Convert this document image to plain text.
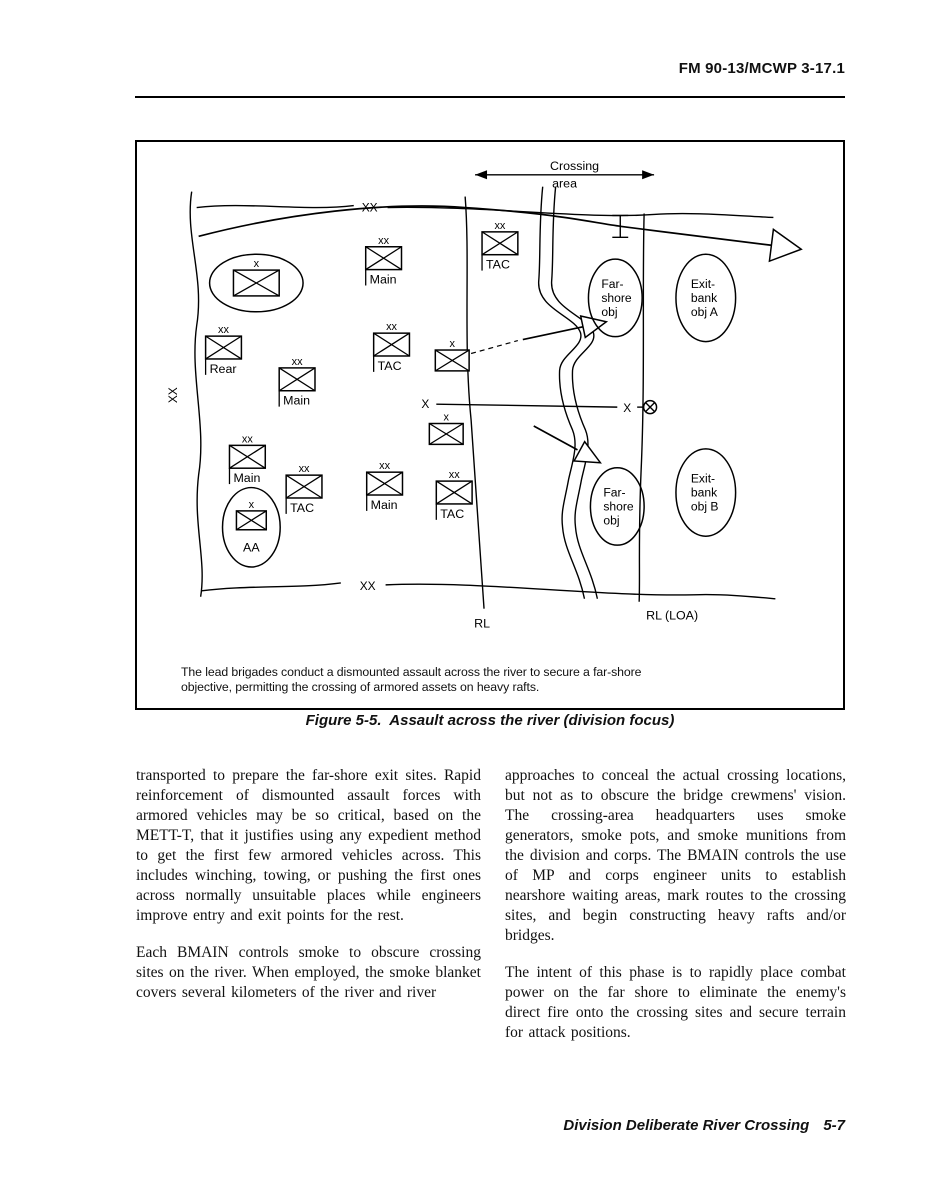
FM 90-13/MCWP 3-17.1
xx
Main
xx
TAC
x
xx
Rear	xx
Main
xx
TAC
x
x
xx
Main
xx
TAC
xx
Main
xx
TAC
x
AA
Far-
shore
obj
Far-
shore
obj
Exit-
bank
obj A
Exit-
bank
obj B
Crossing
area
XX
XX
XX
X	X
RL
RL (LOA)
The lead brigades conduct a dismounted assault across the river to secure a far-shore
objective, permitting the crossing of armored assets on heavy rafts.
Figure 5-5.  Assault across the river (division focus)

transported to prepare the far-shore exit sites. Rapid reinforcement of dismounted assault forces with armored vehicles may be so critical, based on the METT-T, that it justifies using any expedient method to get the first few armored vehicles across. This includes winching, towing, or pushing the first ones across normally unsuitable places while engineers improve entry and exit points for the rest.

Each BMAIN controls smoke to obscure crossing sites on the river. When employed, the smoke blanket covers several kilometers of the river and river

approaches to conceal the actual crossing locations, but not as to obscure the bridge crewmens' vision. The crossing-area headquarters uses smoke generators, smoke pots, and smoke munitions from the division and corps. The BMAIN controls the use of MP and corps engineer units to establish nearshore waiting areas, mark routes to the crossing sites, and begin constructing heavy rafts and/or bridges.

The intent of this phase is to rapidly place combat power on the far shore to eliminate the enemy's direct fire onto the crossing sites and secure terrain for attack positions.

Division Deliberate River Crossing 5-7
